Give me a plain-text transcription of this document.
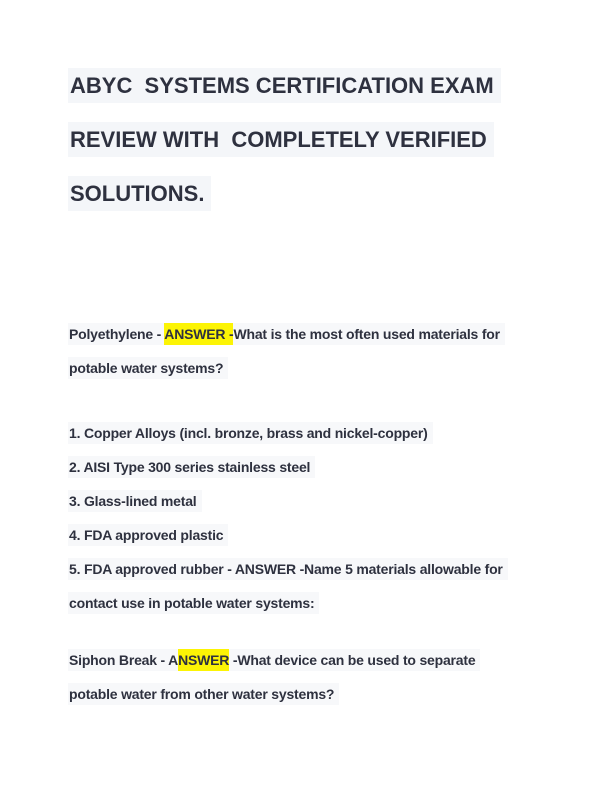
ABYC  SYSTEMS CERTIFICATION EXAM
REVIEW WITH  COMPLETELY VERIFIED
SOLUTIONS.

Polyethylene - ANSWER -What is the most often used materials for
potable water systems?

1. Copper Alloys (incl. bronze, brass and nickel-copper)
2. AISI Type 300 series stainless steel
3. Glass-lined metal
4. FDA approved plastic
5. FDA approved rubber - ANSWER -Name 5 materials allowable for
contact use in potable water systems:

Siphon Break - ANSWER -What device can be used to separate
potable water from other water systems?
